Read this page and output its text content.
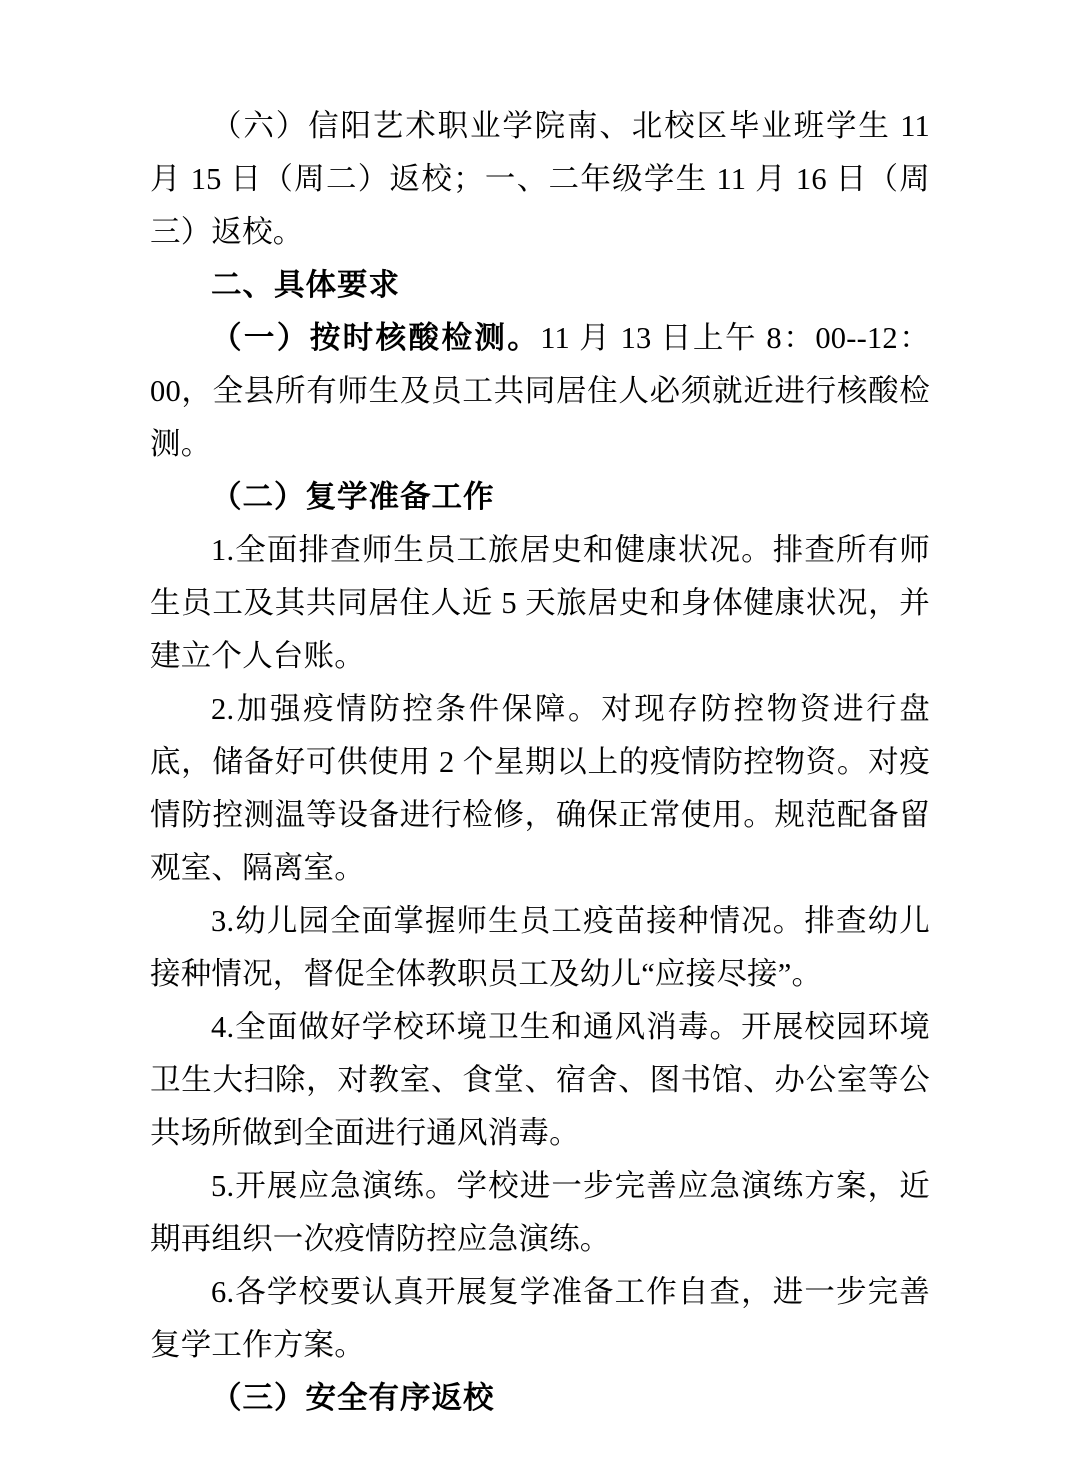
（六）信阳艺术职业学院南、北校区毕业班学生 11 月 15 日（周二）返校；一、二年级学生 11 月 16 日（周三）返校。

二、具体要求

（一）按时核酸检测。11 月 13 日上午 8：00--12：00，全县所有师生及员工共同居住人必须就近进行核酸检测。

（二）复学准备工作

1.全面排查师生员工旅居史和健康状况。排查所有师生员工及其共同居住人近 5 天旅居史和身体健康状况，并建立个人台账。

2.加强疫情防控条件保障。对现存防控物资进行盘底，储备好可供使用 2 个星期以上的疫情防控物资。对疫情防控测温等设备进行检修，确保正常使用。规范配备留观室、隔离室。

3.幼儿园全面掌握师生员工疫苗接种情况。排查幼儿接种情况，督促全体教职员工及幼儿“应接尽接”。

4.全面做好学校环境卫生和通风消毒。开展校园环境卫生大扫除，对教室、食堂、宿舍、图书馆、办公室等公共场所做到全面进行通风消毒。

5.开展应急演练。学校进一步完善应急演练方案，近期再组织一次疫情防控应急演练。

6.各学校要认真开展复学准备工作自查，进一步完善复学工作方案。

（三）安全有序返校
